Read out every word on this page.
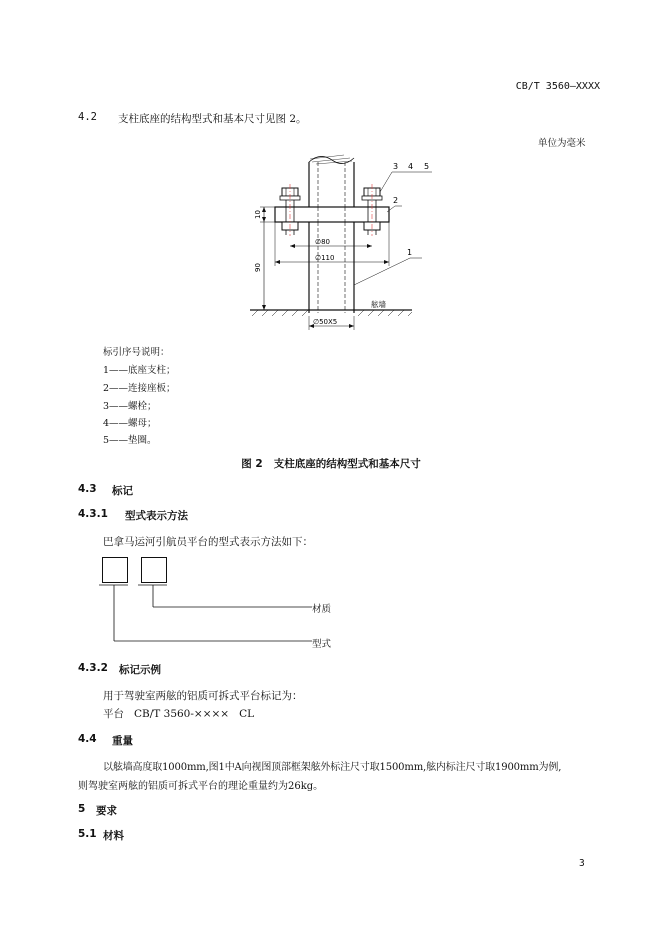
CB/T 3560—XXXX
4.2 支柱底座的结构型式和基本尺寸见图 2。
单位为毫米
∅80
∅110
10
90
舷墙
∅50X5
1
2
3 4 5
标引序号说明：
1——底座支柱；
2——连接座板；
3——螺栓；
4——螺母；
5——垫圈。
图 2   支柱底座的结构型式和基本尺寸
4.3 标记
4.3.1 型式表示方法
巴拿马运河引航员平台的型式表示方法如下：
材质
型式
4.3.2 标记示例
用于驾驶室两舷的铝质可拆式平台标记为：
平台   CB/T 3560-××××   CL
4.4 重量
以舷墙高度取1000mm,图1中A向视图顶部框架舷外标注尺寸取1500mm,舷内标注尺寸取1900mm为例,
则驾驶室两舷的铝质可拆式平台的理论重量约为26kg。
5 要求
5.1 材料
3
